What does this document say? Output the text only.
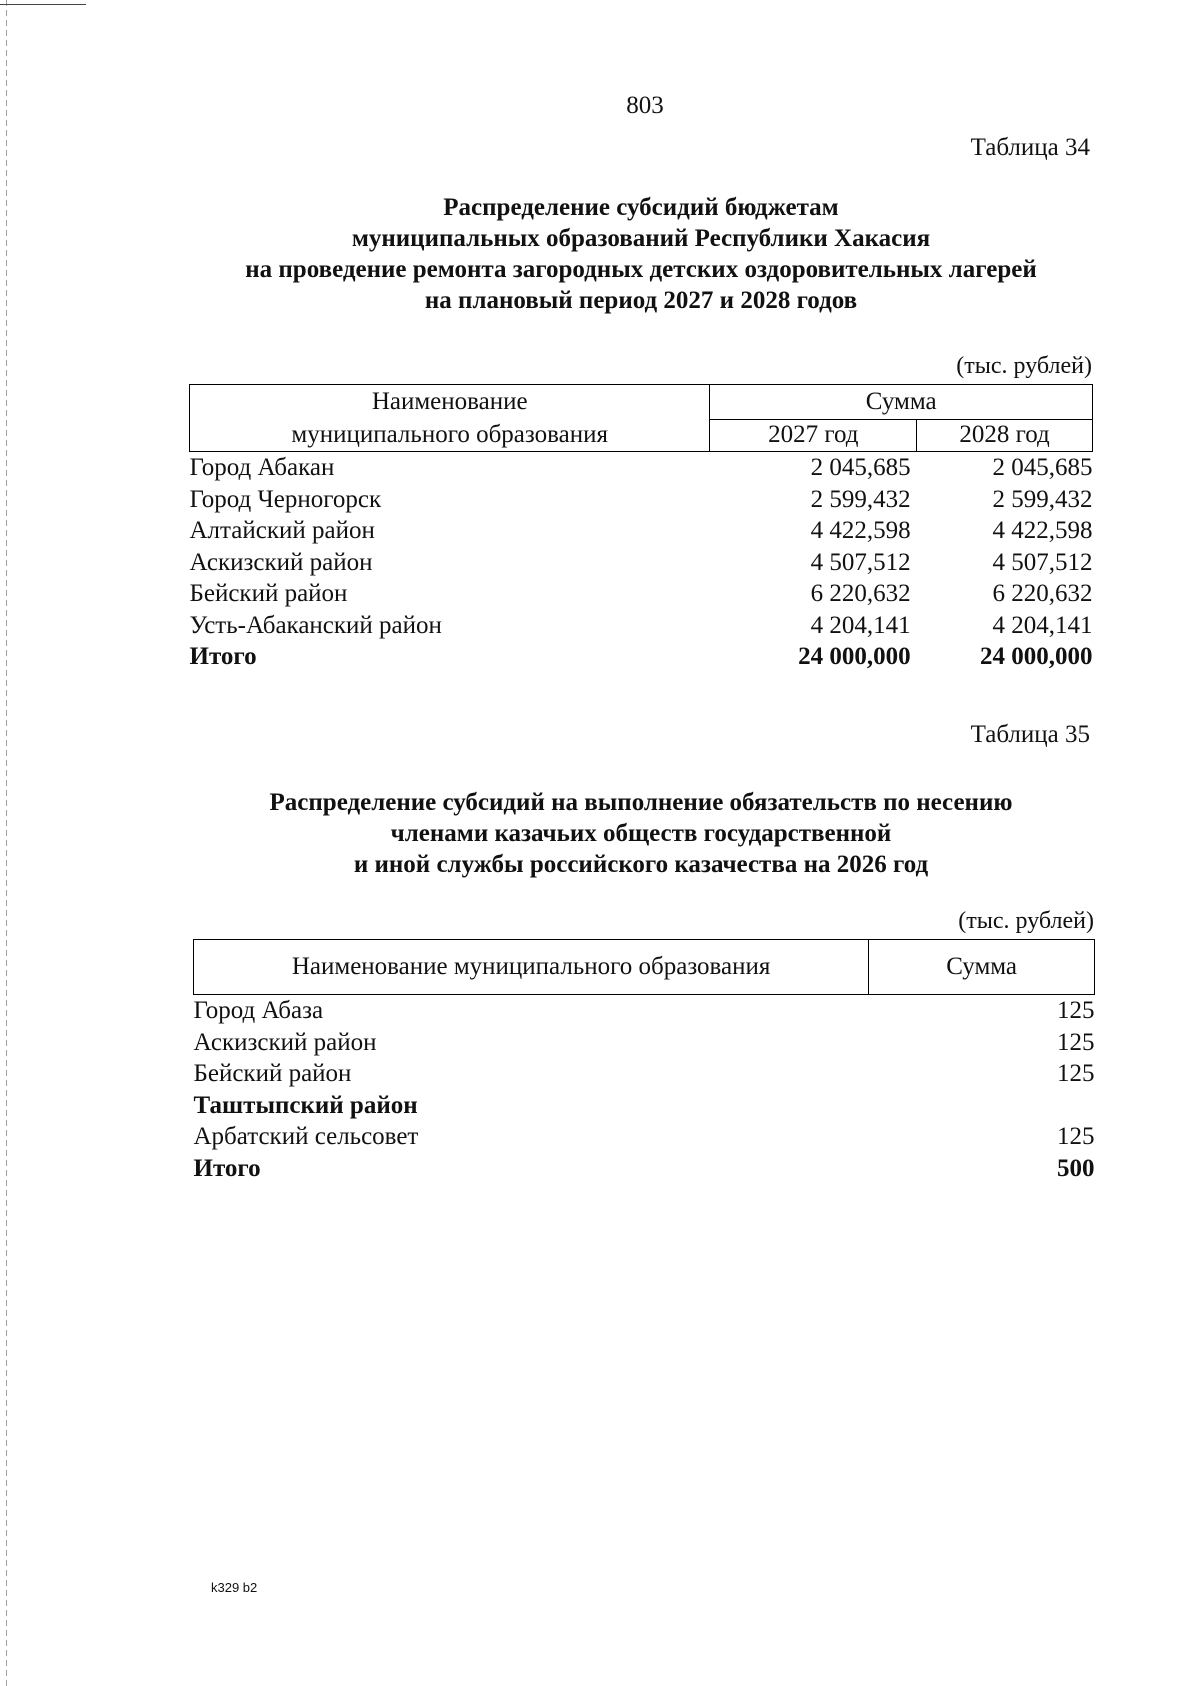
803
Таблица 34
Распределение субсидий бюджетам
муниципальных образований Республики Хакасия
на проведение ремонта загородных детских оздоровительных лагерей
на плановый период 2027 и 2028 годов
(тыс. рублей)
Наименование
муниципального образования	Сумма	
	2027 год	2028 год
Город Абакан	2 045,685	2 045,685
Город Черногорск	2 599,432	2 599,432
Алтайский район	4 422,598	4 422,598
Аскизский район	4 507,512	4 507,512
Бейский район	6 220,632	6 220,632
Усть-Абаканский район	4 204,141	4 204,141
Итого	24 000,000	24 000,000
Таблица 35
Распределение субсидий на выполнение обязательств по несению
членами казачьих обществ государственной
и иной службы российского казачества на 2026 год
(тыс. рублей)
Наименование муниципального образования	Сумма
Город Абаза	125
Аскизский район	125
Бейский район	125
Таштыпский район	
Арбатский сельсовет	125
Итого	500
k329 b2
